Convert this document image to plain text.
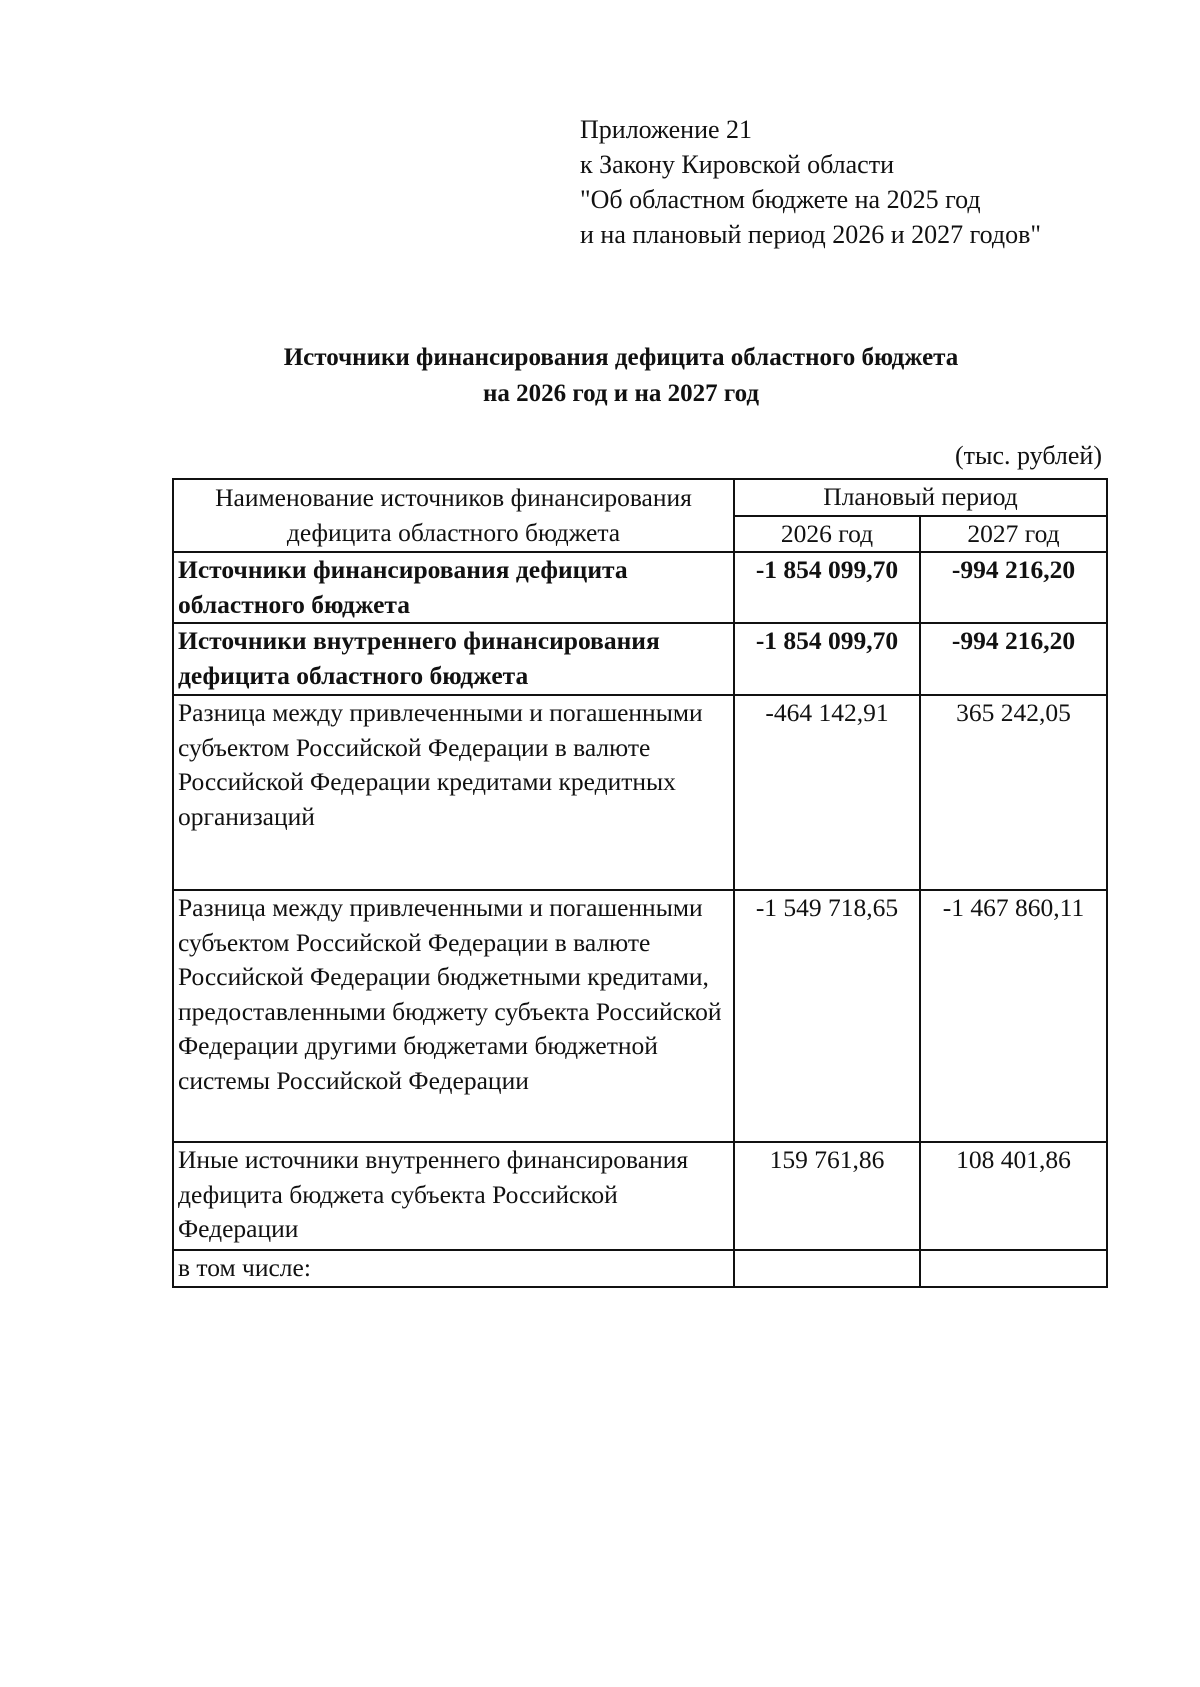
Приложение 21
к Закону Кировской области
"Об областном бюджете на 2025 год
и на плановый период 2026 и 2027 годов"
Источники финансирования дефицита областного бюджета
на 2026 год и на 2027 год
(тыс. рублей)
Наименование источников финансирования дефицита областного бюджета	Плановый период	
	2026 год	2027 год
Источники финансирования дефицита областного бюджета	-1 854 099,70	-994 216,20
Источники внутреннего финансирования дефицита областного бюджета	-1 854 099,70	-994 216,20
Разница между привлеченными и погашенными субъектом Российской Федерации в валюте Российской Федерации кредитами кредитных организаций	-464 142,91	365 242,05
Разница между привлеченными и погашенными субъектом Российской Федерации в валюте Российской Федерации бюджетными кредитами, предоставленными бюджету субъекта Российской Федерации другими бюджетами бюджетной системы Российской Федерации	-1 549 718,65	-1 467 860,11
Иные источники внутреннего финансирования дефицита бюджета субъекта Российской Федерации	159 761,86	108 401,86
в том числе:		
